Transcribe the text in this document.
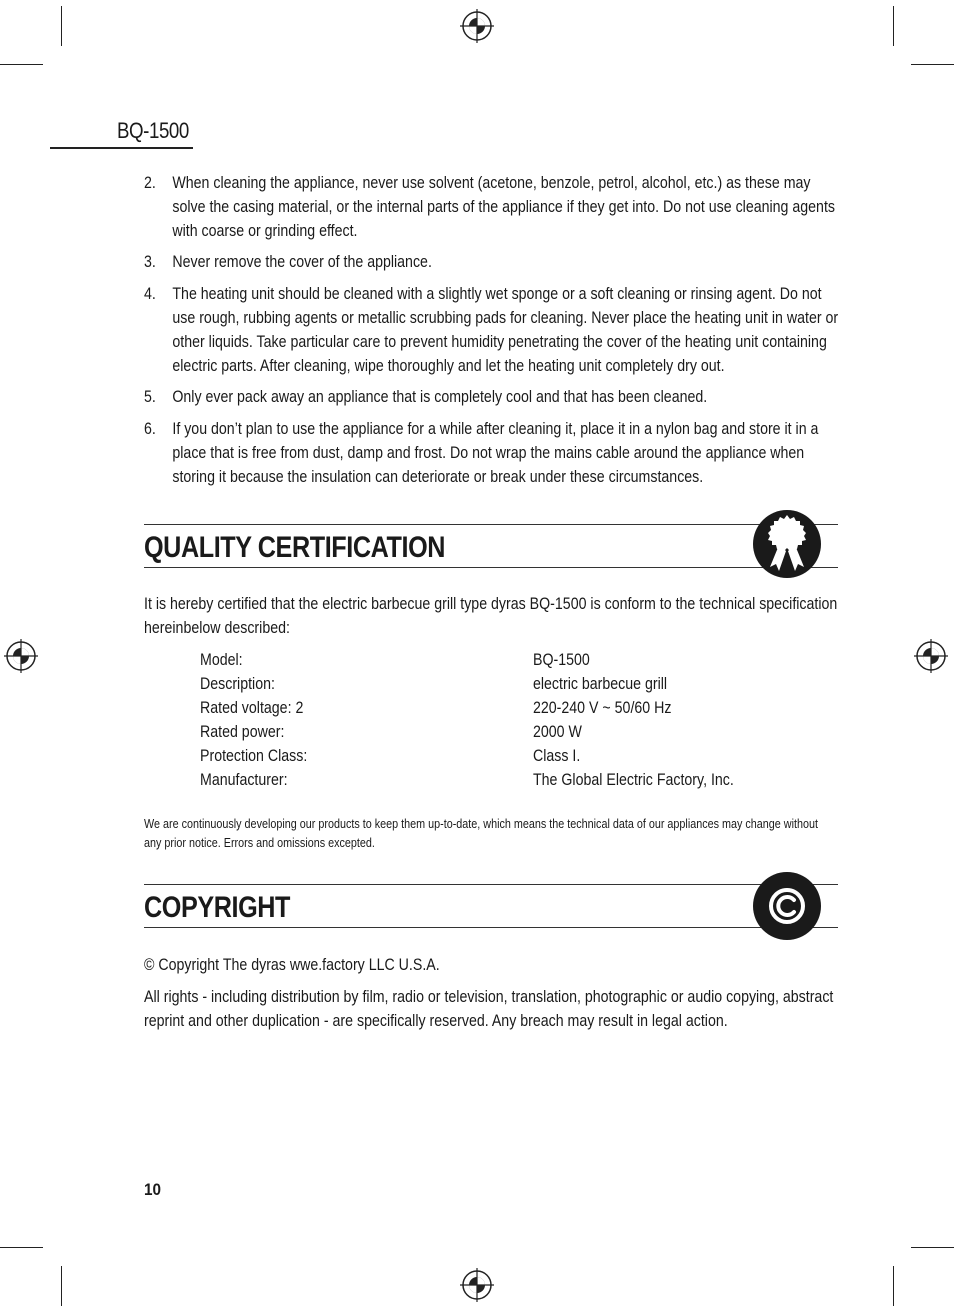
BQ-1500
2.	When cleaning the appliance, never use solvent (acetone, benzole, petrol, alcohol, etc.) as these may solve the casing material, or the internal parts of the appliance if they get into. Do not use cleaning agents with coarse or grinding effect.
3.	Never remove the cover of the appliance.
4.	The heating unit should be cleaned with a slightly wet sponge or a soft cleaning or rinsing agent. Do not use rough, rubbing agents or metallic scrubbing pads for cleaning. Never place the heating unit in water or other liquids. Take particular care to prevent humidity penetrating the cover of the heating unit containing electric parts. After cleaning, wipe thoroughly and let the heating unit completely dry out.
5.	Only ever pack away an appliance that is completely cool and that has been cleaned.
6.	If you don’t plan to use the appliance for a while after cleaning it, place it in a nylon bag and store it in a place that is free from dust, damp and frost. Do not wrap the mains cable around the appliance when storing it because the insulation can deteriorate or break under these circumstances.
QUALITY CERTIFICATION

It is hereby certified that the electric barbecue grill type dyras BQ-1500 is conform to the technical specification hereinbelow described:

Model:	BQ-1500
Description:	electric barbecue grill
Rated voltage: 2	220-240 V ~ 50/60 Hz
Rated power:	2000 W
Protection Class:	Class I.
Manufacturer:	The Global Electric Factory, Inc.

We are continuously developing our products to keep them up-to-date, which means the technical data of our appliances may change without any prior notice. Errors and omissions excepted.

COPYRIGHT

© Copyright The dyras wwe.factory LLC U.S.A.

All rights - including distribution by film, radio or television, translation, photographic or audio copying, abstract reprint and other duplication - are specifically reserved. Any breach may result in legal action.

10
